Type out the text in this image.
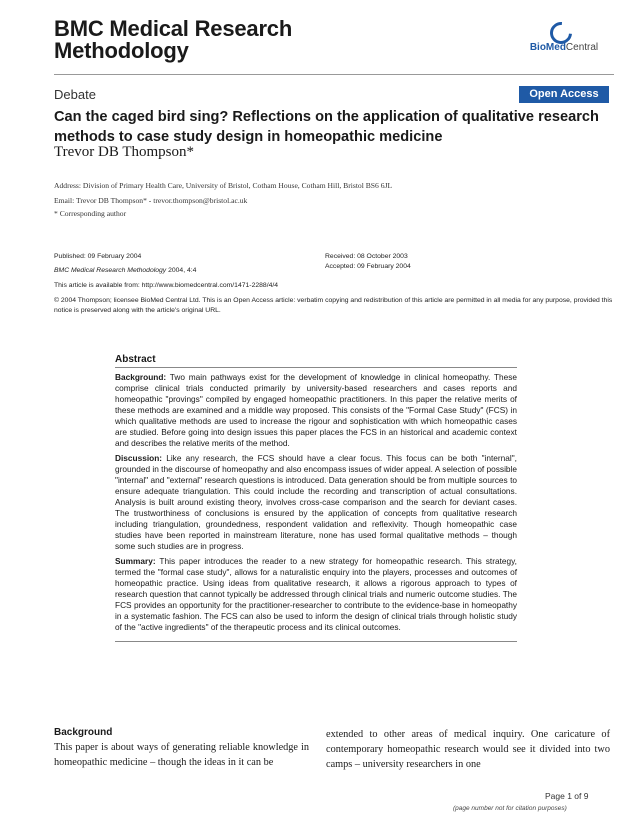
BMC Medical Research Methodology	BioMedCentral
Debate	Open Access
Can the caged bird sing? Reflections on the application of qualitative research methods to case study design in homeopathic medicine
Trevor DB Thompson*
Address: Division of Primary Health Care, University of Bristol, Cotham House, Cotham Hill, Bristol BS6 6JL
Email: Trevor DB Thompson* - trevor.thompson@bristol.ac.uk
* Corresponding author
Published: 09 February 2004
BMC Medical Research Methodology 2004, 4:4
This article is available from: http://www.biomedcentral.com/1471-2288/4/4
Received: 08 October 2003
Accepted: 09 February 2004
© 2004 Thompson; licensee BioMed Central Ltd. This is an Open Access article: verbatim copying and redistribution of this article are permitted in all media for any purpose, provided this notice is preserved along with the article's original URL.
Abstract

Background: Two main pathways exist for the development of knowledge in clinical homeopathy. These comprise clinical trials conducted primarily by university-based researchers and cases reports and homeopathic "provings" compiled by engaged homeopathic practitioners. In this paper the relative merits of these methods are examined and a middle way proposed. This consists of the "Formal Case Study" (FCS) in which qualitative methods are used to increase the rigour and sophistication with which homeopathic cases are studied. Before going into design issues this paper places the FCS in an historical and academic context and describes the relative merits of the method.

Discussion: Like any research, the FCS should have a clear focus. This focus can be both "internal", grounded in the discourse of homeopathy and also encompass issues of wider appeal. A selection of possible "internal" and "external" research questions is introduced. Data generation should be from multiple sources to ensure adequate triangulation. This could include the recording and transcription of actual consultations. Analysis is built around existing theory, involves cross-case comparison and the search for deviant cases. The trustworthiness of conclusions is ensured by the application of concepts from qualitative research including triangulation, groundedness, respondent validation and reflexivity. Though homeopathic case studies have been reported in mainstream literature, none has used formal qualitative methods – though some such studies are in progress.

Summary: This paper introduces the reader to a new strategy for homeopathic research. This strategy, termed the "formal case study", allows for a naturalistic enquiry into the players, processes and outcomes of homeopathic practice. Using ideas from qualitative research, it allows a rigorous approach to types of research question that cannot typically be addressed through clinical trials and numeric outcome studies. The FCS provides an opportunity for the practitioner-researcher to contribute to the evidence-base in homeopathy in a systematic fashion. The FCS can also be used to inform the design of clinical trials through holistic study of the "active ingredients" of the therapeutic process and its clinical outcomes.

Background
This paper is about ways of generating reliable knowledge in homeopathic medicine – though the ideas in it can be
extended to other areas of medical inquiry. One caricature of contemporary homeopathic research would see it divided into two camps – university researchers in one
Page 1 of 9
(page number not for citation purposes)
